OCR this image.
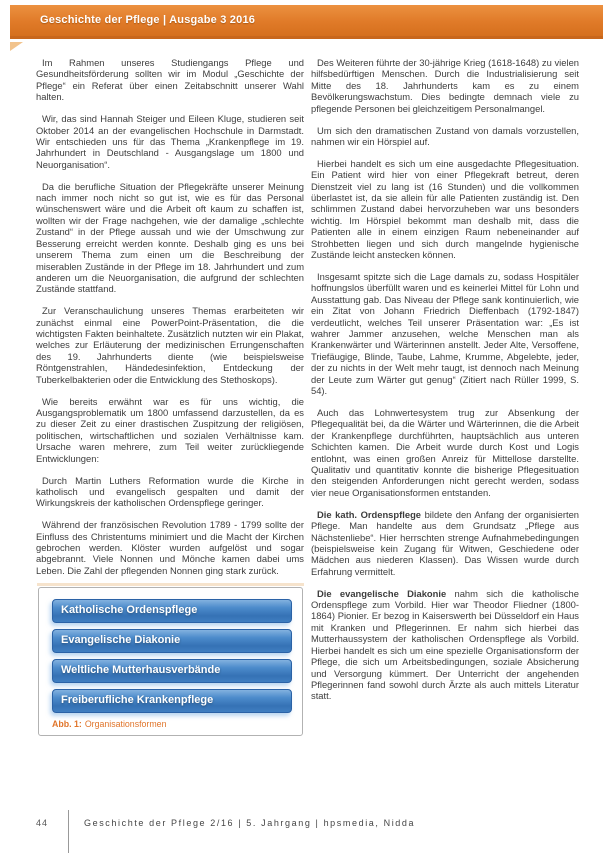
Geschichte der Pflege | Ausgabe 3 2016

Im Rahmen unseres Studiengangs Pflege und Gesundheitsförderung sollten wir im Modul „Geschichte der Pflege“ ein Referat über einen Zeitabschnitt unserer Wahl halten.

Wir, das sind Hannah Steiger und Eileen Kluge, studieren seit Oktober 2014 an der evangelischen Hochschule in Darmstadt. Wir entschieden uns für das Thema „Krankenpflege im 19. Jahrhundert in Deutschland - Ausgangslage um 1800 und Neuorganisation“.

Da die berufliche Situation der Pflegekräfte unserer Meinung nach immer noch nicht so gut ist, wie es für das Personal wünschenswert wäre und die Arbeit oft kaum zu schaffen ist, wollten wir der Frage nachgehen, wie der damalige „schlechte Zustand“ in der Pflege aussah und wie der Umschwung zur Besserung erreicht werden konnte. Deshalb ging es uns bei unserem Thema zum einen um die Beschreibung der miserablen Zustände in der Pflege im 18. Jahrhundert und zum anderen um die Neuorganisation, die aufgrund der schlechten Zustände stattfand.

Zur Veranschaulichung unseres Themas erarbeiteten wir zunächst einmal eine PowerPoint-Präsentation, die die wichtigsten Fakten beinhaltete. Zusätzlich nutzten wir ein Plakat, welches zur Erläuterung der medizinischen Errungenschaften des 19. Jahrhunderts diente (wie beispielsweise Röntgenstrahlen, Händedesinfektion, Entdeckung der Tuberkelbakterien oder die Entwicklung des Stethoskops).

Wie bereits erwähnt war es für uns wichtig, die Ausgangsproblematik um 1800 umfassend darzustellen, da es zu dieser Zeit zu einer drastischen Zuspitzung der religiösen, politischen, wirtschaftlichen und sozialen Verhältnisse kam. Ursache waren mehrere, zum Teil weiter zurückliegende Entwicklungen:

Durch Martin Luthers Reformation wurde die Kirche in katholisch und evangelisch gespalten und damit der Wirkungskreis der katholischen Ordenspflege geringer.

Während der französischen Revolution 1789 - 1799 sollte der Einfluss des Christentums minimiert und die Macht der Kirchen gebrochen werden. Klöster wurden aufgelöst und sogar abgebrannt. Viele Nonnen und Mönche kamen dabei ums Leben. Die Zahl der pflegenden Nonnen ging stark zurück.

Katholische Ordenspflege
Evangelische Diakonie
Weltliche Mutterhausverbände
Freiberufliche Krankenpflege
Abb. 1: Organisationsformen

Des Weiteren führte der 30-jährige Krieg (1618-1648) zu vielen hilfsbedürftigen Menschen. Durch die Industrialisierung seit Mitte des 18. Jahrhunderts kam es zu einem Bevölkerungswachstum. Dies bedingte demnach viele zu pflegende Personen bei gleichzeitigem Personalmangel.

Um sich den dramatischen Zustand von damals vorzustellen, nahmen wir ein Hörspiel auf.

Hierbei handelt es sich um eine ausgedachte Pflegesituation. Ein Patient wird hier von einer Pflegekraft betreut, deren Dienstzeit viel zu lang ist (16 Stunden) und die vollkommen überlastet ist, da sie allein für alle Patienten zuständig ist. Den schlimmen Zustand dabei hervorzuheben war uns besonders wichtig. Im Hörspiel bekommt man deshalb mit, dass die Patienten alle in einem einzigen Raum nebeneinander auf Strohbetten liegen und sich durch mangelnde hygienische Zustände leicht anstecken können.

Insgesamt spitzte sich die Lage damals zu, sodass Hospitäler hoffnungslos überfüllt waren und es keinerlei Mittel für Lohn und Ausstattung gab. Das Niveau der Pflege sank kontinuierlich, wie ein Zitat von Johann Friedrich Dieffenbach (1792-1847) verdeutlicht, welches Teil unserer Präsentation war: „Es ist wahrer Jammer anzusehen, welche Menschen man als Krankenwärter und Wärterinnen anstellt. Jeder Alte, Versoffene, Triefäugige, Blinde, Taube, Lahme, Krumme, Abgelebte, jeder, der zu nichts in der Welt mehr taugt, ist dennoch nach Meinung der Leute zum Wärter gut genug“ (Zitiert nach Rüller 1999, S. 54).

Auch das Lohnwertesystem trug zur Absenkung der Pflegequalität bei, da die Wärter und Wärterinnen, die die Arbeit der Krankenpflege durchführten, hauptsächlich aus unteren Schichten kamen. Die Arbeit wurde durch Kost und Logis entlohnt, was einen großen Anreiz für Mittellose darstellte. Qualitativ und quantitativ konnte die bisherige Pflegesituation den steigenden Anforderungen nicht gerecht werden, sodass vier neue Organisationsformen entstanden.

Die kath. Ordenspflege bildete den Anfang der organisierten Pflege. Man handelte aus dem Grundsatz „Pflege aus Nächstenliebe“. Hier herrschten strenge Aufnahmebedingungen (beispielsweise kein Zugang für Witwen, Geschiedene oder Mädchen aus niederen Klassen). Das Wissen wurde durch Erfahrung vermittelt.

Die evangelische Diakonie nahm sich die katholische Ordenspflege zum Vorbild. Hier war Theodor Fliedner (1800-1864) Pionier. Er bezog in Kaiserswerth bei Düsseldorf ein Haus mit Kranken und Pflegerinnen. Er nahm sich hierbei das Mutterhaussystem der katholischen Ordenspflege als Vorbild. Hierbei handelt es sich um eine spezielle Organisationsform der Pflege, die sich um Arbeitsbedingungen, soziale Absicherung und Versorgung kümmert. Der Unterricht der angehenden Pflegerinnen fand sowohl durch Ärzte als auch mittels Literatur statt.

44	Geschichte der Pflege 2/16 | 5. Jahrgang | hpsmedia, Nidda
